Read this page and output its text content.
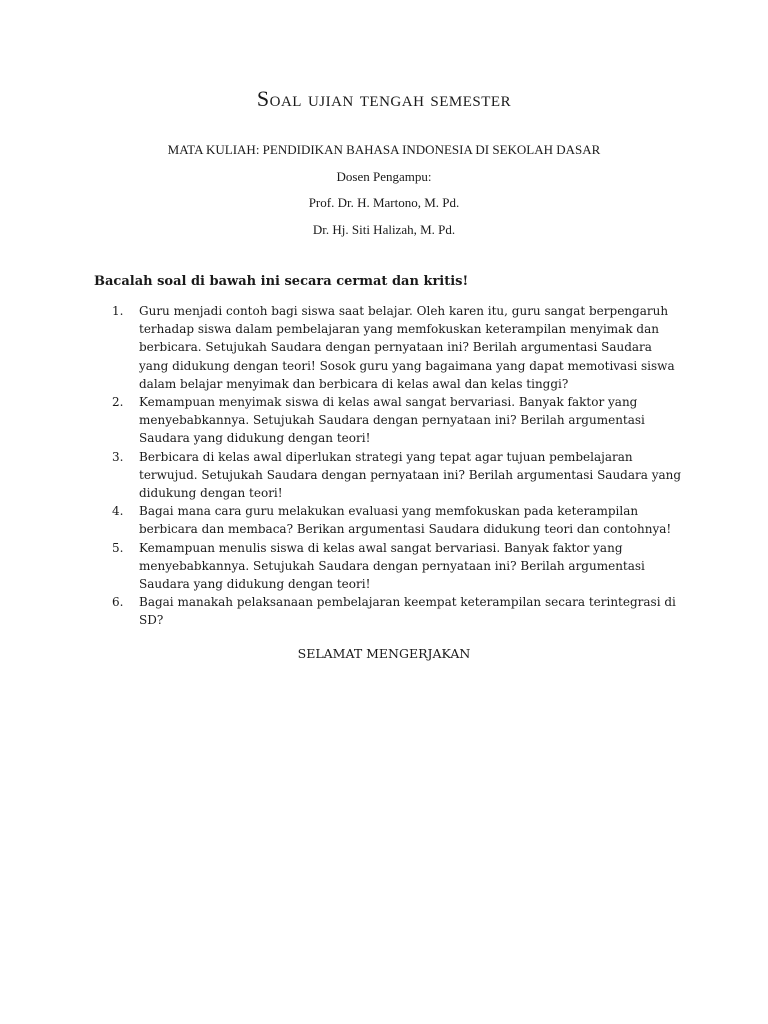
Soal ujian tengah semester
MATA KULIAH: PENDIDIKAN BAHASA INDONESIA DI SEKOLAH DASAR
Dosen Pengampu:
Prof. Dr. H. Martono, M. Pd.
Dr. Hj. Siti Halizah, M. Pd.
Bacalah soal di bawah ini secara cermat dan kritis!
1.	Guru menjadi contoh bagi siswa saat belajar. Oleh karen itu, guru sangat berpengaruh terhadap siswa dalam pembelajaran yang memfokuskan keterampilan menyimak dan berbicara. Setujukah Saudara dengan pernyataan ini? Berilah argumentasi Saudara yang didukung dengan teori! Sosok guru yang bagaimana yang dapat memotivasi siswa dalam belajar menyimak dan berbicara di kelas awal dan kelas tinggi?
2.	Kemampuan menyimak siswa di kelas awal sangat bervariasi. Banyak faktor yang menyebabkannya. Setujukah Saudara dengan pernyataan ini? Berilah argumentasi Saudara yang didukung dengan teori!
3.	Berbicara di kelas awal diperlukan strategi yang tepat agar tujuan pembelajaran terwujud. Setujukah Saudara dengan pernyataan ini? Berilah argumentasi Saudara yang didukung dengan teori!
4.	Bagai mana cara guru melakukan evaluasi yang memfokuskan pada keterampilan berbicara dan membaca? Berikan argumentasi Saudara didukung teori dan contohnya!
5.	Kemampuan menulis siswa di kelas awal sangat bervariasi. Banyak faktor yang menyebabkannya. Setujukah Saudara dengan pernyataan ini? Berilah argumentasi Saudara yang didukung dengan teori!
6.	Bagai manakah pelaksanaan pembelajaran keempat keterampilan secara terintegrasi di SD?
SELAMAT MENGERJAKAN
